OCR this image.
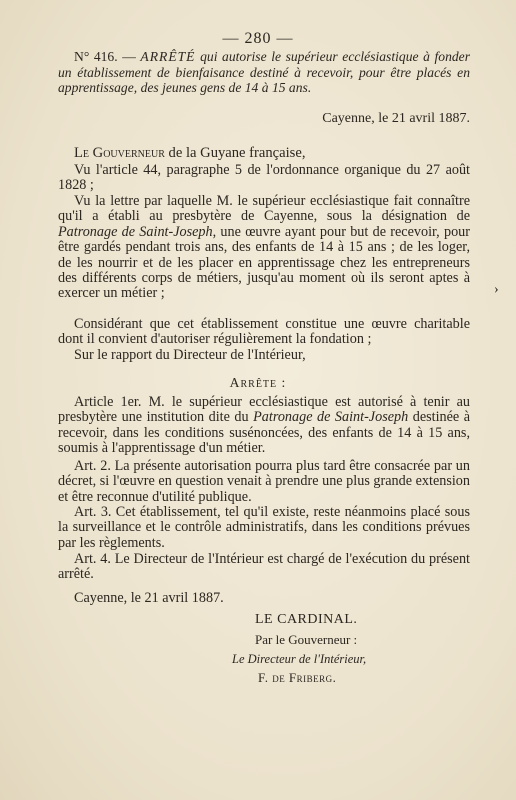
— 280 —
N° 416. — ARRÊTÉ qui autorise le supérieur ecclésiastique à fonder un établissement de bienfaisance destiné à recevoir, pour être placés en apprentissage, des jeunes gens de 14 à 15 ans.
Cayenne, le 21 avril 1887.
Le Gouverneur de la Guyane française,

Vu l'article 44, paragraphe 5 de l'ordonnance organique du 27 août 1828 ;

Vu la lettre par laquelle M. le supérieur ecclésiastique fait connaître qu'il a établi au presbytère de Cayenne, sous la désignation de Patronage de Saint-Joseph, une œuvre ayant pour but de recevoir, pour être gardés pendant trois ans, des enfants de 14 à 15 ans ; de les loger, de les nourrir et de les placer en apprentissage chez les entrepreneurs des différents corps de métiers, jusqu'au moment où ils seront aptes à exercer un métier ;

Considérant que cet établissement constitue une œuvre charitable dont il convient d'autoriser régulièrement la fondation ;

Sur le rapport du Directeur de l'Intérieur,

Arrête :

Article 1er. M. le supérieur ecclésiastique est autorisé à tenir au presbytère une institution dite du Patronage de Saint-Joseph destinée à recevoir, dans les conditions susénoncées, des enfants de 14 à 15 ans, soumis à l'apprentissage d'un métier.

Art. 2. La présente autorisation pourra plus tard être consacrée par un décret, si l'œuvre en question venait à prendre une plus grande extension et être reconnue d'utilité publique.

Art. 3. Cet établissement, tel qu'il existe, reste néanmoins placé sous la surveillance et le contrôle administratifs, dans les conditions prévues par les règlements.

Art. 4. Le Directeur de l'Intérieur est chargé de l'exécution du présent arrêté.

Cayenne, le 21 avril 1887.

LE CARDINAL.
Par le Gouverneur :
Le Directeur de l'Intérieur,
F. de Friberg.
›
